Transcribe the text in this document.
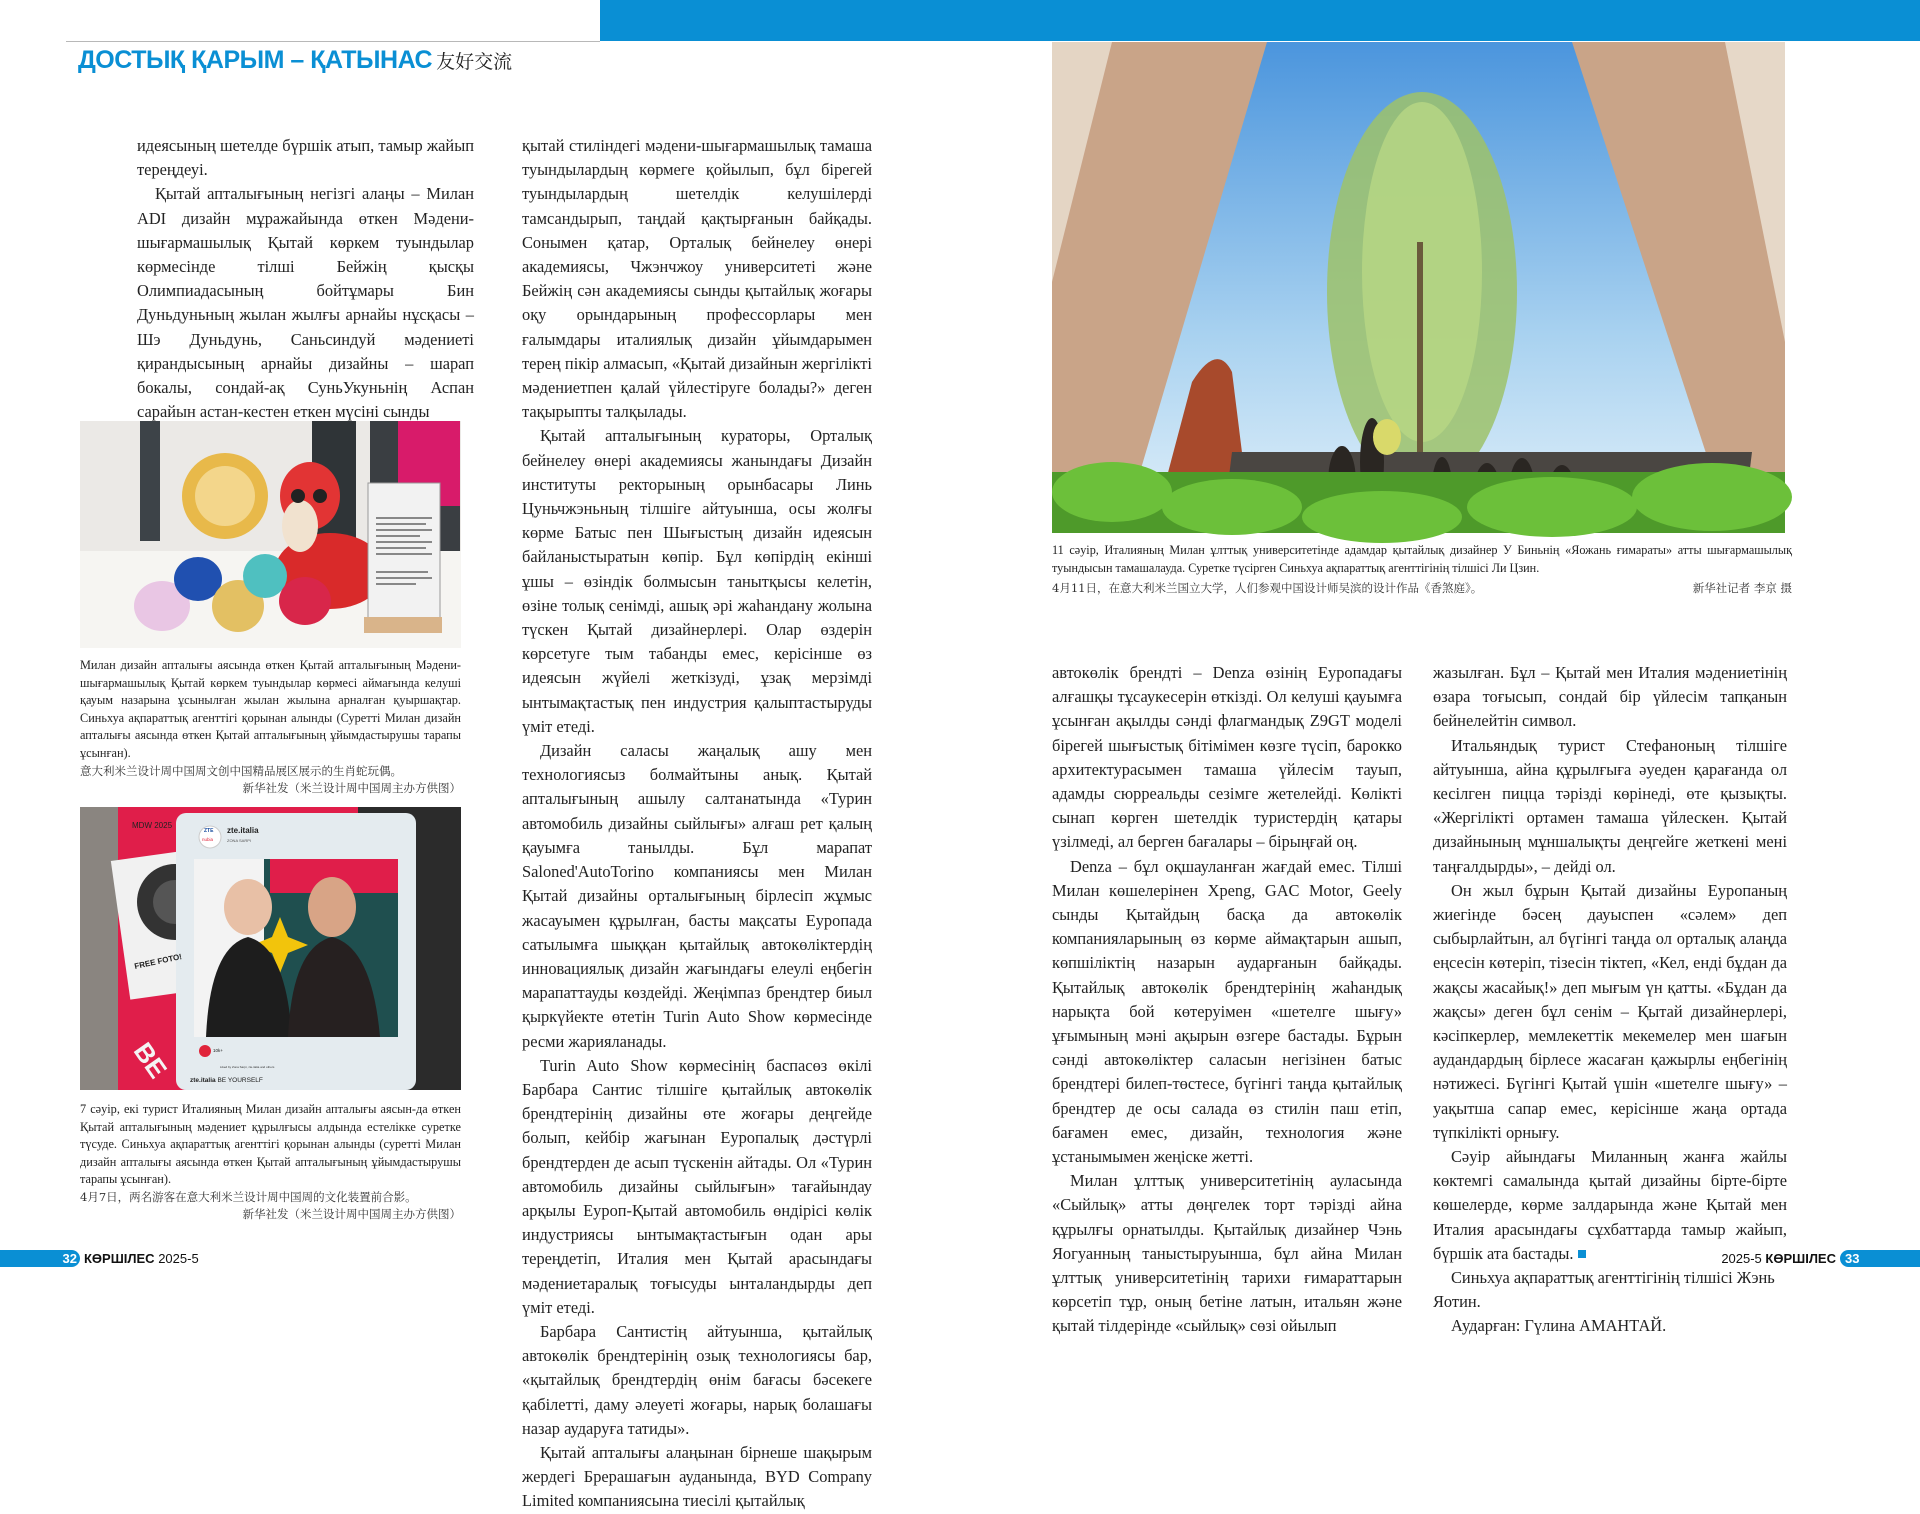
ДОСТЫҚ ҚАРЫМ – ҚАТЫНАС 友好交流

идеясының шетелде бүршік атып, тамыр жайып тереңдеуі.

Қытай апталығының негізгі алаңы – Милан ADI дизайн мұражайында өткен Мәдени-шығармашылық Қытай көркем туындылар көрмесінде тілші Бейжің қысқы Олимпиадасының бойтұмары Бин Дуньдуньның жылан жылғы арнайы нұсқасы – Шэ Дуньдунь, Саньсиндуй мәдениеті қирандысының арнайы дизайны – шарап бокалы, сондай-ақ СуньУкуньнің Аспан сарайын астан-кестен еткен мүсіні сынды

Милан дизайн апталығы аясында өткен Қытай апталығының Мәдени-шығармашылық Қытай көркем туындылар көрмесі аймағында келуші қауым назарына ұсынылған жылан жылына арналған қуыршақтар. Синьхуа ақпараттық агенттігі қорынан алынды (Суретті Милан дизайн апталығы аясында өткен Қытай апталығының ұйымдастырушы тарапы ұсынған).
意大利米兰设计周中国周文创中国精品展区展示的生肖蛇玩偶。
新华社发（米兰设计周中国周主办方供图）
MDW 2025
FREE FOTO!
BE
ZTE
nubia
zte.italia
ZONA SARPI
10k+
Liked by Zona Sarpi, zte.italia and others
zte.italia BE YOURSELF
7 сәуір, екі турист Италияның Милан дизайн апталығы аясын-да өткен Қытай апталығының мәдениет құрылғысы алдында естелікке суретке түсуде. Синьхуа ақпараттық агенттігі қорынан алынды (суретті Милан дизайн апталығы аясында өткен Қытай апталығының ұйымдастырушы тарапы ұсынған).
4月7日，两名游客在意大利米兰设计周中国周的文化装置前合影。
新华社发（米兰设计周中国周主办方供图）

қытай стиліндегі мәдени-шығармашылық тамаша туындылардың көрмеге қойылып, бұл бірегей туындылардың шетелдік келушілерді тамсандырып, таңдай қақтырғанын байқады. Сонымен қатар, Орталық бейнелеу өнері академиясы, Чжэнчжоу университеті және Бейжің сән академиясы сынды қытайлық жоғары оқу орындарының профессорлары мен ғалымдары италиялық дизайн ұйымдарымен терең пікір алмасып, «Қытай дизайнын жергілікті мәдениетпен қалай үйлестіруге болады?» деген тақырыпты талқылады.

Қытай апталығының кураторы, Орталық бейнелеу өнері академиясы жанындағы Дизайн институты ректорының орынбасары Линь Цуньчжэньның тілшіге айтуынша, осы жолғы көрме Батыс пен Шығыстың дизайн идеясын байланыстыратын көпір. Бұл көпірдің екінші ұшы – өзіндік болмысын танытқысы келетін, өзіне толық сенімді, ашық әрі жаһандану жолына түскен Қытай дизайнерлері. Олар өздерін көрсетуге тым табанды емес, керісінше өз идеясын жүйелі жеткізуді, ұзақ мерзімді ынтымақтастық пен индустрия қалыптастыруды үміт етеді.

Дизайн саласы жаңалық ашу мен технологиясыз болмайтыны анық. Қытай апталығының ашылу салтанатында «Турин автомобиль дизайны сыйлығы» алғаш рет қалың қауымға танылды. Бұл марапат Saloned'AutoTorino компаниясы мен Милан Қытай дизайны орталығының бірлесіп жұмыс жасауымен құрылған, басты мақсаты Еуропада сатылымға шыққан қытайлық автокөліктердің инновациялық дизайн жағындағы елеулі еңбегін марапаттауды көздейді. Жеңімпаз брендтер биыл қыркүйекте өтетін Turin Auto Show көрмесінде ресми жарияланады.

Turin Auto Show көрмесінің баспасөз өкілі Барбара Сантис тілшіге қытайлық автокөлік брендтерінің дизайны өте жоғары деңгейде болып, кейбір жағынан Еуропалық дәстүрлі брендтерден де асып түскенін айтады. Ол «Турин автомобиль дизайны сыйлығын» тағайындау арқылы Еуроп-Қытай автомобиль өндірісі көлік индустриясы ынтымақтастығын одан ары тереңдетіп, Италия мен Қытай арасындағы мәдениетаралық тоғысуды ынталандырды деп үміт етеді.

Барбара Сантистің айтуынша, қытайлық автокөлік брендтерінің озық технологиясы бар, «қытайлық брендтердің өнім бағасы бәсекеге қабілетті, даму әлеуеті жоғары, нарық болашағы назар аударуға татиды».

Қытай апталығы алаңынан бірнеше шақырым жердегі Брерашағын ауданында, BYD Company Limited компаниясына тиесілі қытайлық

11 сәуір, Италияның Милан ұлттық университетінде адамдар қытайлық дизайнер У Биньнің «Яожань ғимараты» атты шығармашылық туындысын тамашалауда. Суретке түсірген Синьхуа ақпараттық агенттігінің тілшісі Ли Цзин.
4月11日，在意大利米兰国立大学，人们参观中国设计师吴滨的设计作品《香煞庭》。	新华社记者 李京 摄

автокөлік брендті – Denza өзінің Еуропадағы алғашқы тұсаукесерін өткізді. Ол келуші қауымға ұсынған ақылды сәнді флагмандық Z9GT моделі бірегей шығыстық бітімімен көзге түсіп, барокко архитектурасымен тамаша үйлесім тауып, адамды сюрреальды сезімге жетелейді. Көлікті сынап көрген шетелдік туристердің қатары үзілмеді, ал берген бағалары – бірыңғай оң.

Denza – бұл оқшауланған жағдай емес. Тілші Милан көшелерінен Xpeng, GAC Motor, Geely сынды Қытайдың басқа да автокөлік компанияларының өз көрме аймақтарын ашып, көпшіліктің назарын аударғанын байқады. Қытайлық автокөлік брендтерінің жаһандық нарықта бой көтеруімен «шетелге шығу» ұғымының мәні ақырын өзгере бастады. Бұрын сәнді автокөліктер саласын негізінен батыс брендтері билеп-төстесе, бүгінгі таңда қытайлық брендтер де осы салада өз стилін паш етіп, бағамен емес, дизайн, технология және ұстанымымен жеңіске жетті.

Милан ұлттық университетінің ауласында «Сыйлық» атты дөңгелек торт тәрізді айна құрылғы орнатылды. Қытайлық дизайнер Чэнь Яогуанның таныстыруынша, бұл айна Милан ұлттық университетінің тарихи ғимараттарын көрсетіп тұр, оның бетіне латын, итальян және қытай тілдерінде «сыйлық» сөзі ойылып

жазылған. Бұл – Қытай мен Италия мәдениетінің өзара тоғысып, сондай бір үйлесім тапқанын бейнелейтін символ.

Итальяндық турист Стефаноның тілшіге айтуынша, айна құрылғыға әуеден қарағанда ол кесілген пицца тәрізді көрінеді, өте қызықты. «Жергілікті ортамен тамаша үйлескен. Қытай дизайнының мұншалықты деңгейге жеткені мені таңғалдырды», – дейді ол.

Он жыл бұрын Қытай дизайны Еуропаның жиегінде бәсең дауыспен «сәлем» деп сыбырлайтын, ал бүгінгі таңда ол орталық алаңда еңсесін көтеріп, тізесін тіктеп, «Кел, енді бұдан да жақсы жасайық!» деп мығым үн қатты. «Бұдан да жақсы» деген бұл сенім – Қытай дизайнерлері, кәсіпкерлер, мемлекеттік мекемелер мен шағын аудандардың бірлесе жасаған қажырлы еңбегінің нәтижесі. Бүгінгі Қытай үшін «шетелге шығу» – уақытша сапар емес, керісінше жаңа ортада түпкілікті орнығу.

Сәуір айындағы Миланның жанға жайлы көктемгі самалында қытай дизайны бірте-бірте көшелерде, көрме залдарында және Қытай мен Италия арасындағы сұхбаттарда тамыр жайып, бүршік ата бастады.

Синьхуа ақпараттық агенттігінің тілшісі Жэнь Яотин.

Аударған: Гүлина АМАНТАЙ.

32 КӨРШІЛЕС 2025-5	2025-5 КӨРШІЛЕС 33
